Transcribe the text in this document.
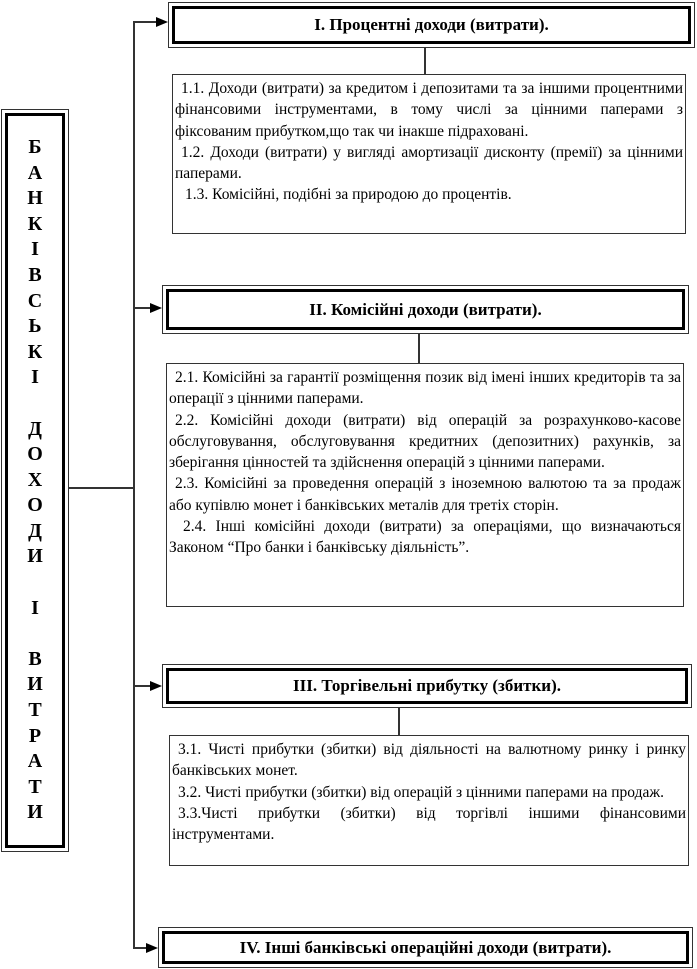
Б
А
Н
К
І
В
С
Ь
К
І

Д
О
Х
О
Д
И

І

В
И
Т
Р
А
Т
И
І. Процентні доходи (витрати).

1.1. Доходи (витрати) за кредитом і депозитами та за іншими процентними фінансовими інструментами, в тому числі за цінними паперами з фіксованим прибутком,що так чи інакше підраховані.

1.2. Доходи (витрати) у вигляді амортизації дисконту (премії) за цінними паперами.

1.3. Комісійні, подібні за природою до процентів.

ІІ. Комісійні доходи (витрати).

2.1. Комісійні за гарантії розміщення позик від імені інших кредиторів та за операції з цінними паперами.

2.2. Комісійні доходи (витрати) від операцій за розрахунково-касове обслуговування, обслуговування кредитних (депозитних) рахунків, за зберігання цінностей та здійснення операцій з цінними паперами.

2.3. Комісійні за проведення операцій з іноземною валютою та за продаж або купівлю монет і банківських металів для третіх сторін.

2.4. Інші комісійні доходи (витрати) за операціями, що визначаються Законом “Про банки і банківську діяльність”.

ІІІ. Торгівельні прибутку (збитки).

3.1. Чисті прибутки (збитки) від діяльності на валютному ринку і ринку банківських монет.

3.2. Чисті прибутки (збитки) від операцій з цінними паперами на продаж.

3.3.Чисті прибутки (збитки) від торгівлі іншими фінансовими інструментами.

ІV. Інші банківські операційні доходи (витрати).
